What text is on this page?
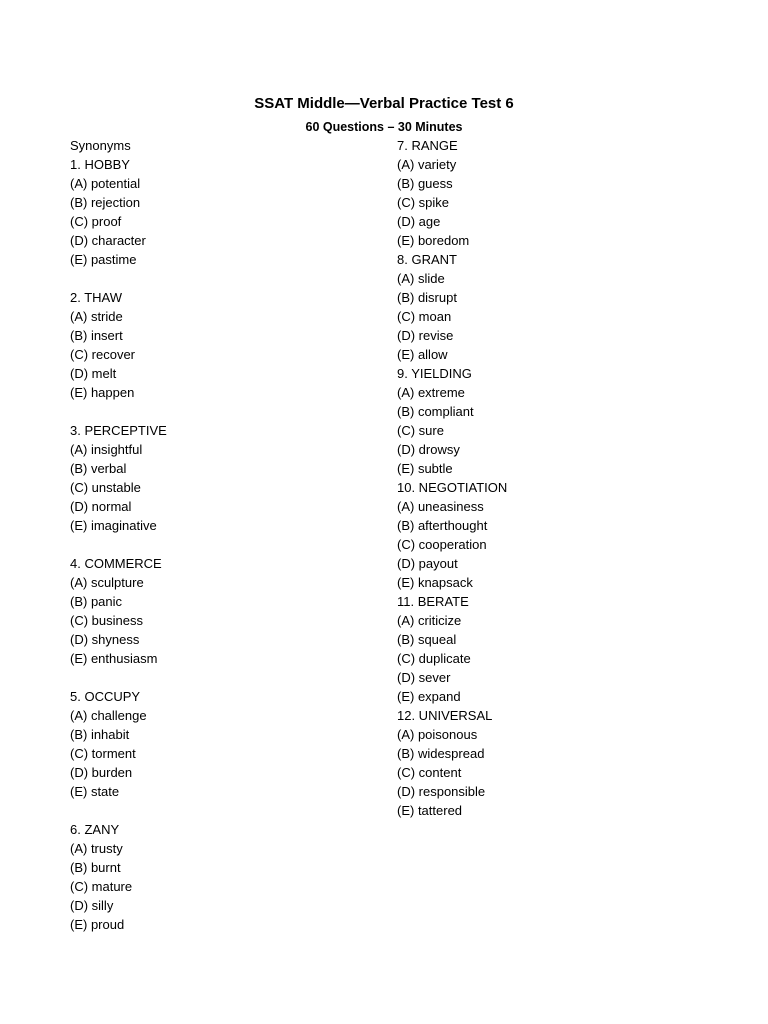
SSAT Middle—Verbal Practice Test 6
60 Questions – 30 Minutes
Synonyms
1. HOBBY
(A) potential
(B) rejection
(C) proof
(D) character
(E) pastime
2. THAW
(A) stride
(B) insert
(C) recover
(D) melt
(E) happen
3. PERCEPTIVE
(A) insightful
(B) verbal
(C) unstable
(D) normal
(E) imaginative
4. COMMERCE
(A) sculpture
(B) panic
(C) business
(D) shyness
(E) enthusiasm
5. OCCUPY
(A) challenge
(B) inhabit
(C) torment
(D) burden
(E) state
6. ZANY
(A) trusty
(B) burnt
(C) mature
(D) silly
(E) proud
7. RANGE
(A) variety
(B) guess
(C) spike
(D) age
(E) boredom
8. GRANT
(A) slide
(B) disrupt
(C) moan
(D) revise
(E) allow
9. YIELDING
(A) extreme
(B) compliant
(C) sure
(D) drowsy
(E) subtle
10. NEGOTIATION
(A) uneasiness
(B) afterthought
(C) cooperation
(D) payout
(E) knapsack
11. BERATE
(A) criticize
(B) squeal
(C) duplicate
(D) sever
(E) expand
12. UNIVERSAL
(A) poisonous
(B) widespread
(C) content
(D) responsible
(E) tattered
